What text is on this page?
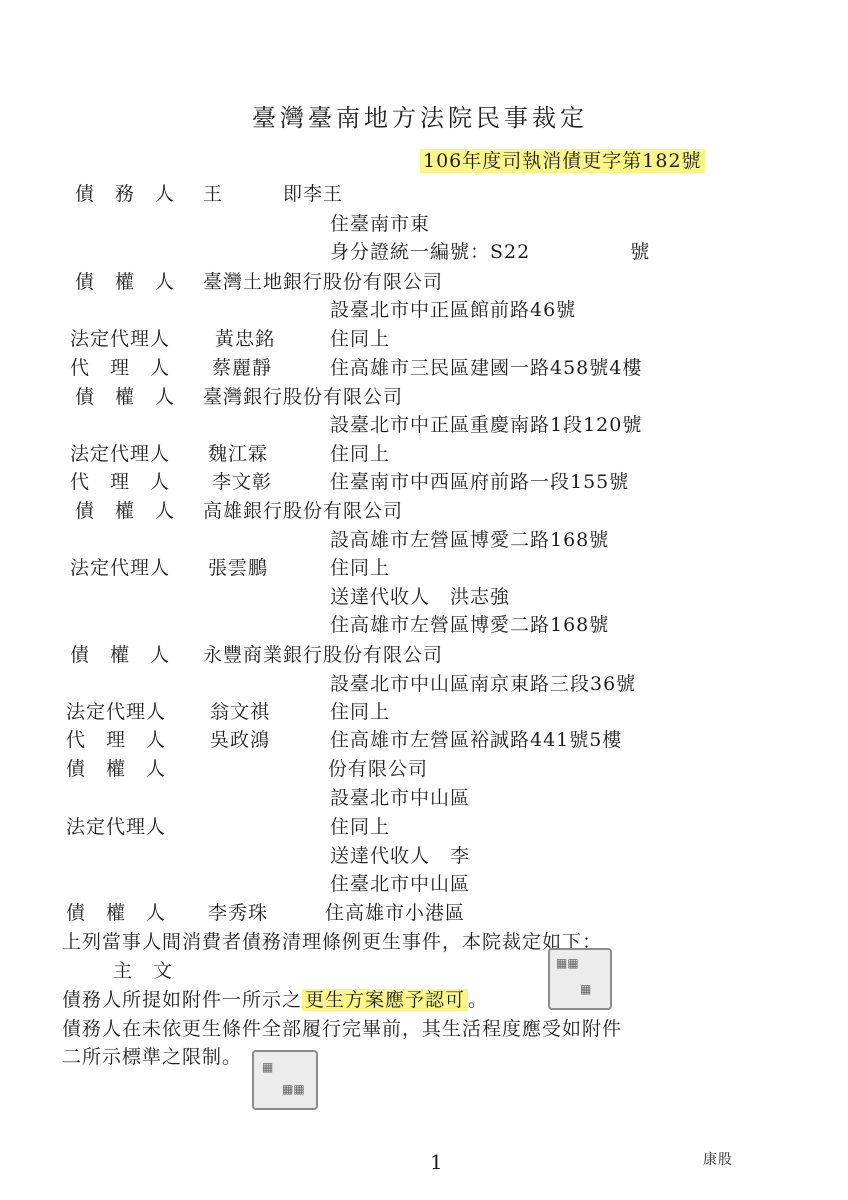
臺灣臺南地方法院民事裁定
106年度司執消債更字第182號
債　務　人 王　　　即李王
住臺南市東
身分證統一編號：S22　　　　　號
債　權　人 臺灣土地銀行股份有限公司
設臺北市中正區館前路46號
法定代理人 黃忠銘	住同上
代　理　人 蔡麗靜	住高雄市三民區建國一路458號4樓
債　權　人 臺灣銀行股份有限公司
設臺北市中正區重慶南路1段120號
法定代理人 魏江霖	住同上
代　理　人 李文彰	住臺南市中西區府前路一段155號
債　權　人 高雄銀行股份有限公司
設高雄市左營區博愛二路168號
法定代理人 張雲鵬	住同上
送達代收人　洪志強
住高雄市左營區博愛二路168號
債　權　人 永豐商業銀行股份有限公司
設臺北市中山區南京東路三段36號
法定代理人 翁文祺	住同上
代　理　人 吳政鴻	住高雄市左營區裕誠路441號5樓
債　權　人	份有限公司
設臺北市中山區
法定代理人	住同上
送達代收人　李
住臺北市中山區
債　權　人 李秀珠	住高雄市小港區
上列當事人間消費者債務清理條例更生事件，本院裁定如下：
主　文
債務人所提如附件一所示之 更生方案應予認可 。
債務人在未依更生條件全部履行完畢前，其生活程度應受如附件
二所示標準之限制。
▦▦
▦
▦
▦▦
1	康股
